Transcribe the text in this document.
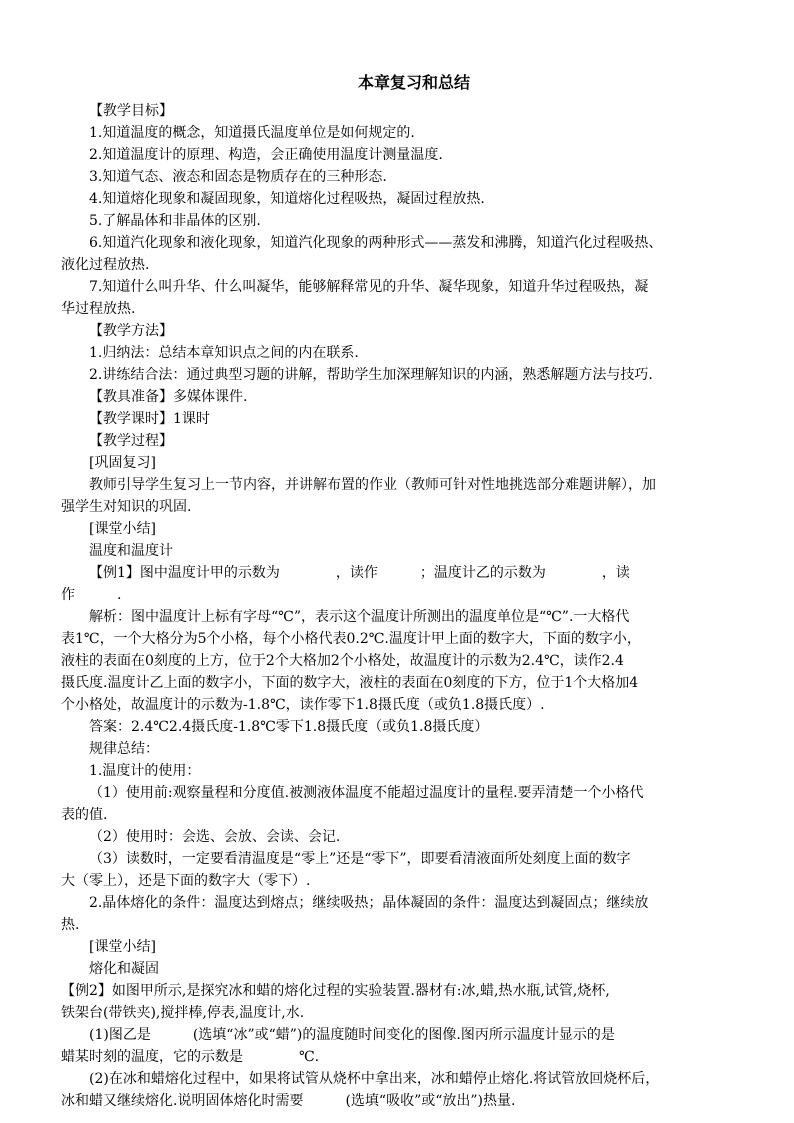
本章复习和总结
【教学目标】
1.知道温度的概念，知道摄氏温度单位是如何规定的.
2.知道温度计的原理、构造，会正确使用温度计测量温度.
3.知道气态、液态和固态是物质存在的三种形态.
4.知道熔化现象和凝固现象，知道熔化过程吸热，凝固过程放热.
5.了解晶体和非晶体的区别.
6.知道汽化现象和液化现象，知道汽化现象的两种形式——蒸发和沸腾，知道汽化过程吸热、
液化过程放热.
7.知道什么叫升华、什么叫凝华，能够解释常见的升华、凝华现象，知道升华过程吸热，凝
华过程放热.
【教学方法】
1.归纳法：总结本章知识点之间的内在联系.
2.讲练结合法：通过典型习题的讲解，帮助学生加深理解知识的内涵，熟悉解题方法与技巧.
【教具准备】多媒体课件.
【教学课时】1课时
【教学过程】
[巩固复习]
教师引导学生复习上一节内容，并讲解布置的作业（教师可针对性地挑选部分难题讲解），加
强学生对知识的巩固.
[课堂小结]
温度和温度计
【例1】图中温度计甲的示数为　　　　，读作　　　；温度计乙的示数为　　　　，读
作　　　.
解析：图中温度计上标有字母“℃”，表示这个温度计所测出的温度单位是“℃”.一大格代
表1℃，一个大格分为5个小格，每个小格代表0.2℃.温度计甲上面的数字大，下面的数字小，
液柱的表面在0刻度的上方，位于2个大格加2个小格处，故温度计的示数为2.4℃，读作2.4
摄氏度.温度计乙上面的数字小，下面的数字大，液柱的表面在0刻度的下方，位于1个大格加4
个小格处，故温度计的示数为-1.8℃，读作零下1.8摄氏度（或负1.8摄氏度）.
答案：2.4℃2.4摄氏度-1.8℃零下1.8摄氏度（或负1.8摄氏度）
规律总结：
1.温度计的使用：
（1）使用前:观察量程和分度值.被测液体温度不能超过温度计的量程.要弄清楚一个小格代
表的值.
（2）使用时：会选、会放、会读、会记.
（3）读数时，一定要看清温度是“零上”还是“零下”，即要看清液面所处刻度上面的数字
大（零上），还是下面的数字大（零下）.
2.晶体熔化的条件：温度达到熔点；继续吸热；晶体凝固的条件：温度达到凝固点；继续放
热.
[课堂小结]
熔化和凝固
【例2】如图甲所示,是探究冰和蜡的熔化过程的实验装置.器材有:冰,蜡,热水瓶,试管,烧杯,
铁架台(带铁夹),搅拌棒,停表,温度计,水.
(1)图乙是　　　(选填“冰”或“蜡”)的温度随时间变化的图像.图丙所示温度计显示的是
蜡某时刻的温度，它的示数是　　　　℃.
(2)在冰和蜡熔化过程中，如果将试管从烧杯中拿出来，冰和蜡停止熔化.将试管放回烧杯后，
冰和蜡又继续熔化.说明固体熔化时需要　　　(选填“吸收”或“放出”)热量.
